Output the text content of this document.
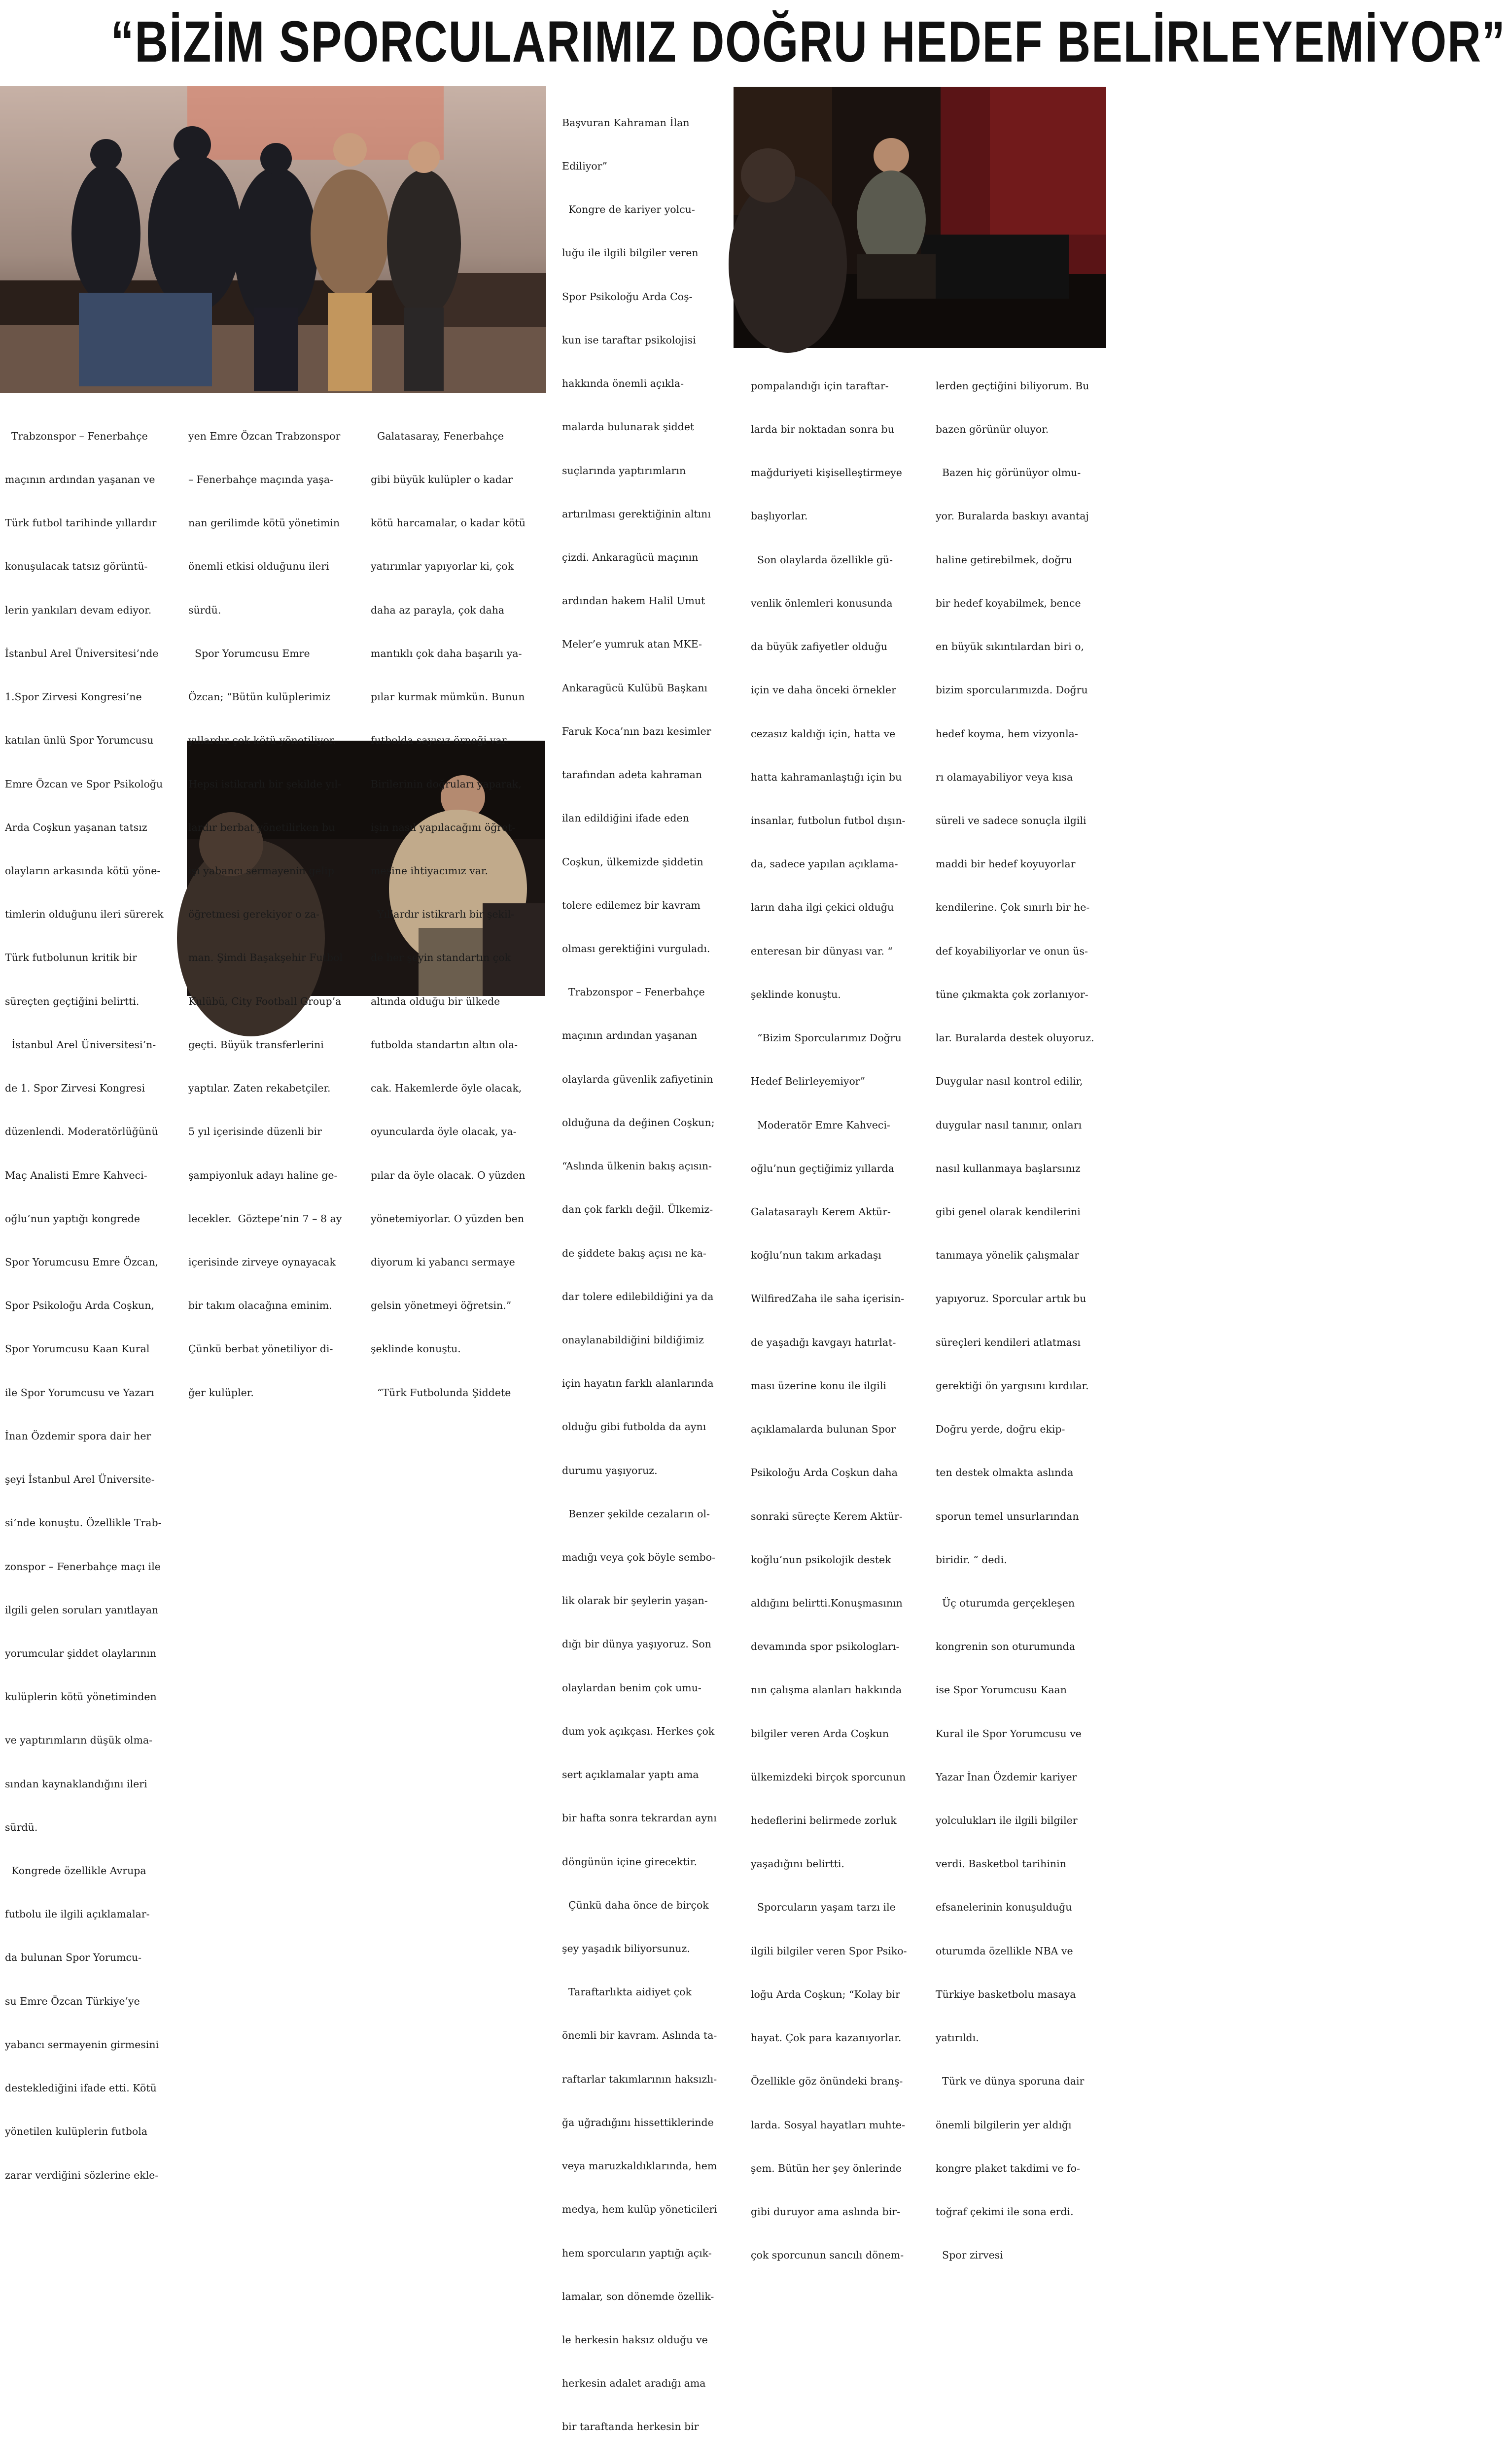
“BİZİM SPORCULARIMIZ DOĞRU HEDEF BELİRLEYEMİYOR”

Trabzonspor – Fenerbahçe

maçının ardından yaşanan ve

Türk futbol tarihinde yıllardır

konuşulacak tatsız görüntü-

lerin yankıları devam ediyor.

İstanbul Arel Üniversitesi’nde

1.Spor Zirvesi Kongresi’ne

katılan ünlü Spor Yorumcusu

Emre Özcan ve Spor Psikoloğu

Arda Coşkun yaşanan tatsız

olayların arkasında kötü yöne-

timlerin olduğunu ileri sürerek

Türk futbolunun kritik bir

süreçten geçtiğini belirtti.

İstanbul Arel Üniversitesi’n-

de 1. Spor Zirvesi Kongresi

düzenlendi. Moderatörlüğünü

Maç Analisti Emre Kahveci-

oğlu’nun yaptığı kongrede

Spor Yorumcusu Emre Özcan,

Spor Psikoloğu Arda Coşkun,

Spor Yorumcusu Kaan Kural

ile Spor Yorumcusu ve Yazarı

İnan Özdemir spora dair her

şeyi İstanbul Arel Üniversite-

si’nde konuştu. Özellikle Trab-

zonspor – Fenerbahçe maçı ile

ilgili gelen soruları yanıtlayan

yorumcular şiddet olaylarının

kulüplerin kötü yönetiminden

ve yaptırımların düşük olma-

sından kaynaklandığını ileri

sürdü.

Kongrede özellikle Avrupa

futbolu ile ilgili açıklamalar-

da bulunan Spor Yorumcu-

su Emre Özcan Türkiye’ye

yabancı sermayenin girmesini

desteklediğini ifade etti. Kötü

yönetilen kulüplerin futbola

zarar verdiğini sözlerine ekle-

yen Emre Özcan Trabzonspor

– Fenerbahçe maçında yaşa-

nan gerilimde kötü yönetimin

önemli etkisi olduğunu ileri

sürdü.

Spor Yorumcusu Emre

Özcan; “Bütün kulüplerimiz

yıllardır çok kötü yönetiliyor.

Hepsi istikrarlı bir şekilde yıl-

lardır berbat yönetilirken bu

işi yabancı sermayenin gelip

öğretmesi gerekiyor o za-

man. Şimdi Başakşehir Futbol

Kulübü, City Football Group’a

geçti. Büyük transferlerini

yaptılar. Zaten rekabetçiler.

5 yıl içerisinde düzenli bir

şampiyonluk adayı haline ge-

lecekler.  Göztepe’nin 7 – 8 ay

içerisinde zirveye oynayacak

bir takım olacağına eminim.

Çünkü berbat yönetiliyor di-

ğer kulüpler.

Galatasaray, Fenerbahçe

gibi büyük kulüpler o kadar

kötü harcamalar, o kadar kötü

yatırımlar yapıyorlar ki, çok

daha az parayla, çok daha

mantıklı çok daha başarılı ya-

pılar kurmak mümkün. Bunun

futbolda sayısız örneği var.

Birilerinin doğruları yaparak,

işin nasıl yapılacağını öğret-

mesine ihtiyacımız var.

Yıllardır istikrarlı bir şekil-

de her şeyin standartın çok

altında olduğu bir ülkede

futbolda standartın altın ola-

cak. Hakemlerde öyle olacak,

oyuncularda öyle olacak, ya-

pılar da öyle olacak. O yüzden

yönetemiyorlar. O yüzden ben

diyorum ki yabancı sermaye

gelsin yönetmeyi öğretsin.”

şeklinde konuştu.

“Türk Futbolunda Şiddete

Başvuran Kahraman İlan

Ediliyor”

Kongre de kariyer yolcu-

luğu ile ilgili bilgiler veren

Spor Psikoloğu Arda Coş-

kun ise taraftar psikolojisi

hakkında önemli açıkla-

malarda bulunarak şiddet

suçlarında yaptırımların

artırılması gerektiğinin altını

çizdi. Ankaragücü maçının

ardından hakem Halil Umut

Meler’e yumruk atan MKE-

Ankaragücü Kulübü Başkanı

Faruk Koca’nın bazı kesimler

tarafından adeta kahraman

ilan edildiğini ifade eden

Coşkun, ülkemizde şiddetin

tolere edilemez bir kavram

olması gerektiğini vurguladı.

Trabzonspor – Fenerbahçe

maçının ardından yaşanan

olaylarda güvenlik zafiyetinin

olduğuna da değinen Coşkun;

“Aslında ülkenin bakış açısın-

dan çok farklı değil. Ülkemiz-

de şiddete bakış açısı ne ka-

dar tolere edilebildiğini ya da

onaylanabildiğini bildiğimiz

için hayatın farklı alanlarında

olduğu gibi futbolda da aynı

durumu yaşıyoruz.

Benzer şekilde cezaların ol-

madığı veya çok böyle sembo-

lik olarak bir şeylerin yaşan-

dığı bir dünya yaşıyoruz. Son

olaylardan benim çok umu-

dum yok açıkçası. Herkes çok

sert açıklamalar yaptı ama

bir hafta sonra tekrardan aynı

döngünün içine girecektir.

Çünkü daha önce de birçok

şey yaşadık biliyorsunuz.

Taraftarlıkta aidiyet çok

önemli bir kavram. Aslında ta-

raftarlar takımlarının haksızlı-

ğa uğradığını hissettiklerinde

veya maruzkaldıklarında, hem

medya, hem kulüp yöneticileri

hem sporcuların yaptığı açık-

lamalar, son dönemde özellik-

le herkesin haksız olduğu ve

herkesin adalet aradığı ama

bir taraftanda herkesin bir

pompalandığı için taraftar-

larda bir noktadan sonra bu

mağduriyeti kişiselleştirmeye

başlıyorlar.

Son olaylarda özellikle gü-

venlik önlemleri konusunda

da büyük zafiyetler olduğu

için ve daha önceki örnekler

cezasız kaldığı için, hatta ve

hatta kahramanlaştığı için bu

insanlar, futbolun futbol dışın-

da, sadece yapılan açıklama-

ların daha ilgi çekici olduğu

enteresan bir dünyası var. “

şeklinde konuştu.

“Bizim Sporcularımız Doğru

Hedef Belirleyemiyor”

Moderatör Emre Kahveci-

oğlu’nun geçtiğimiz yıllarda

Galatasaraylı Kerem Aktür-

koğlu’nun takım arkadaşı

WilfiredZaha ile saha içerisin-

de yaşadığı kavgayı hatırlat-

ması üzerine konu ile ilgili

açıklamalarda bulunan Spor

Psikoloğu Arda Coşkun daha

sonraki süreçte Kerem Aktür-

koğlu’nun psikolojik destek

aldığını belirtti.Konuşmasının

devamında spor psikologları-

nın çalışma alanları hakkında

bilgiler veren Arda Coşkun

ülkemizdeki birçok sporcunun

hedeflerini belirmede zorluk

yaşadığını belirtti.

Sporcuların yaşam tarzı ile

ilgili bilgiler veren Spor Psiko-

loğu Arda Coşkun; “Kolay bir

hayat. Çok para kazanıyorlar.

Özellikle göz önündeki branş-

larda. Sosyal hayatları muhte-

şem. Bütün her şey önlerinde

gibi duruyor ama aslında bir-

çok sporcunun sancılı dönem-

lerden geçtiğini biliyorum. Bu

bazen görünür oluyor.

Bazen hiç görünüyor olmu-

yor. Buralarda baskıyı avantaj

haline getirebilmek, doğru

bir hedef koyabilmek, bence

en büyük sıkıntılardan biri o,

bizim sporcularımızda. Doğru

hedef koyma, hem vizyonla-

rı olamayabiliyor veya kısa

süreli ve sadece sonuçla ilgili

maddi bir hedef koyuyorlar

kendilerine. Çok sınırlı bir he-

def koyabiliyorlar ve onun üs-

tüne çıkmakta çok zorlanıyor-

lar. Buralarda destek oluyoruz.

Duygular nasıl kontrol edilir,

duygular nasıl tanınır, onları

nasıl kullanmaya başlarsınız

gibi genel olarak kendilerini

tanımaya yönelik çalışmalar

yapıyoruz. Sporcular artık bu

süreçleri kendileri atlatması

gerektiği ön yargısını kırdılar.

Doğru yerde, doğru ekip-

ten destek olmakta aslında

sporun temel unsurlarından

biridir. “ dedi.

Üç oturumda gerçekleşen

kongrenin son oturumunda

ise Spor Yorumcusu Kaan

Kural ile Spor Yorumcusu ve

Yazar İnan Özdemir kariyer

yolculukları ile ilgili bilgiler

verdi. Basketbol tarihinin

efsanelerinin konuşulduğu

oturumda özellikle NBA ve

Türkiye basketbolu masaya

yatırıldı.

Türk ve dünya sporuna dair

önemli bilgilerin yer aldığı

kongre plaket takdimi ve fo-

toğraf çekimi ile sona erdi.

Spor zirvesi
